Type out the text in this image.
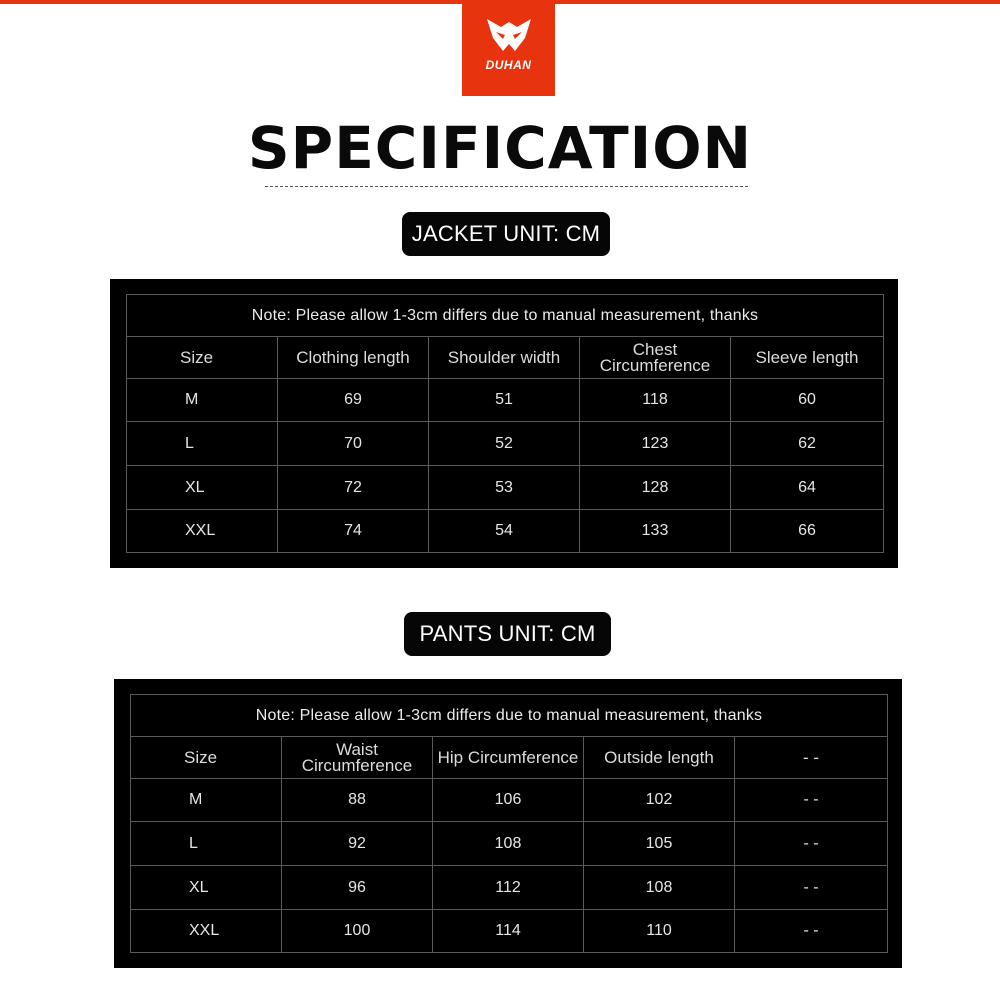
DUHAN
SPECIFICATION
JACKET UNIT: CM
Note: Please allow 1-3cm differs due to manual measurement, thanks				
Size	Clothing length	Shoulder width	Chest Circumference	Sleeve length
M	69	51	118	60
L	70	52	123	62
XL	72	53	128	64
XXL	74	54	133	66
PANTS UNIT: CM
Note: Please allow 1-3cm differs due to manual measurement, thanks				
Size	Waist Circumference	Hip Circumference	Outside length	- -
M	88	106	102	- -
L	92	108	105	- -
XL	96	112	108	- -
XXL	100	114	110	- -
